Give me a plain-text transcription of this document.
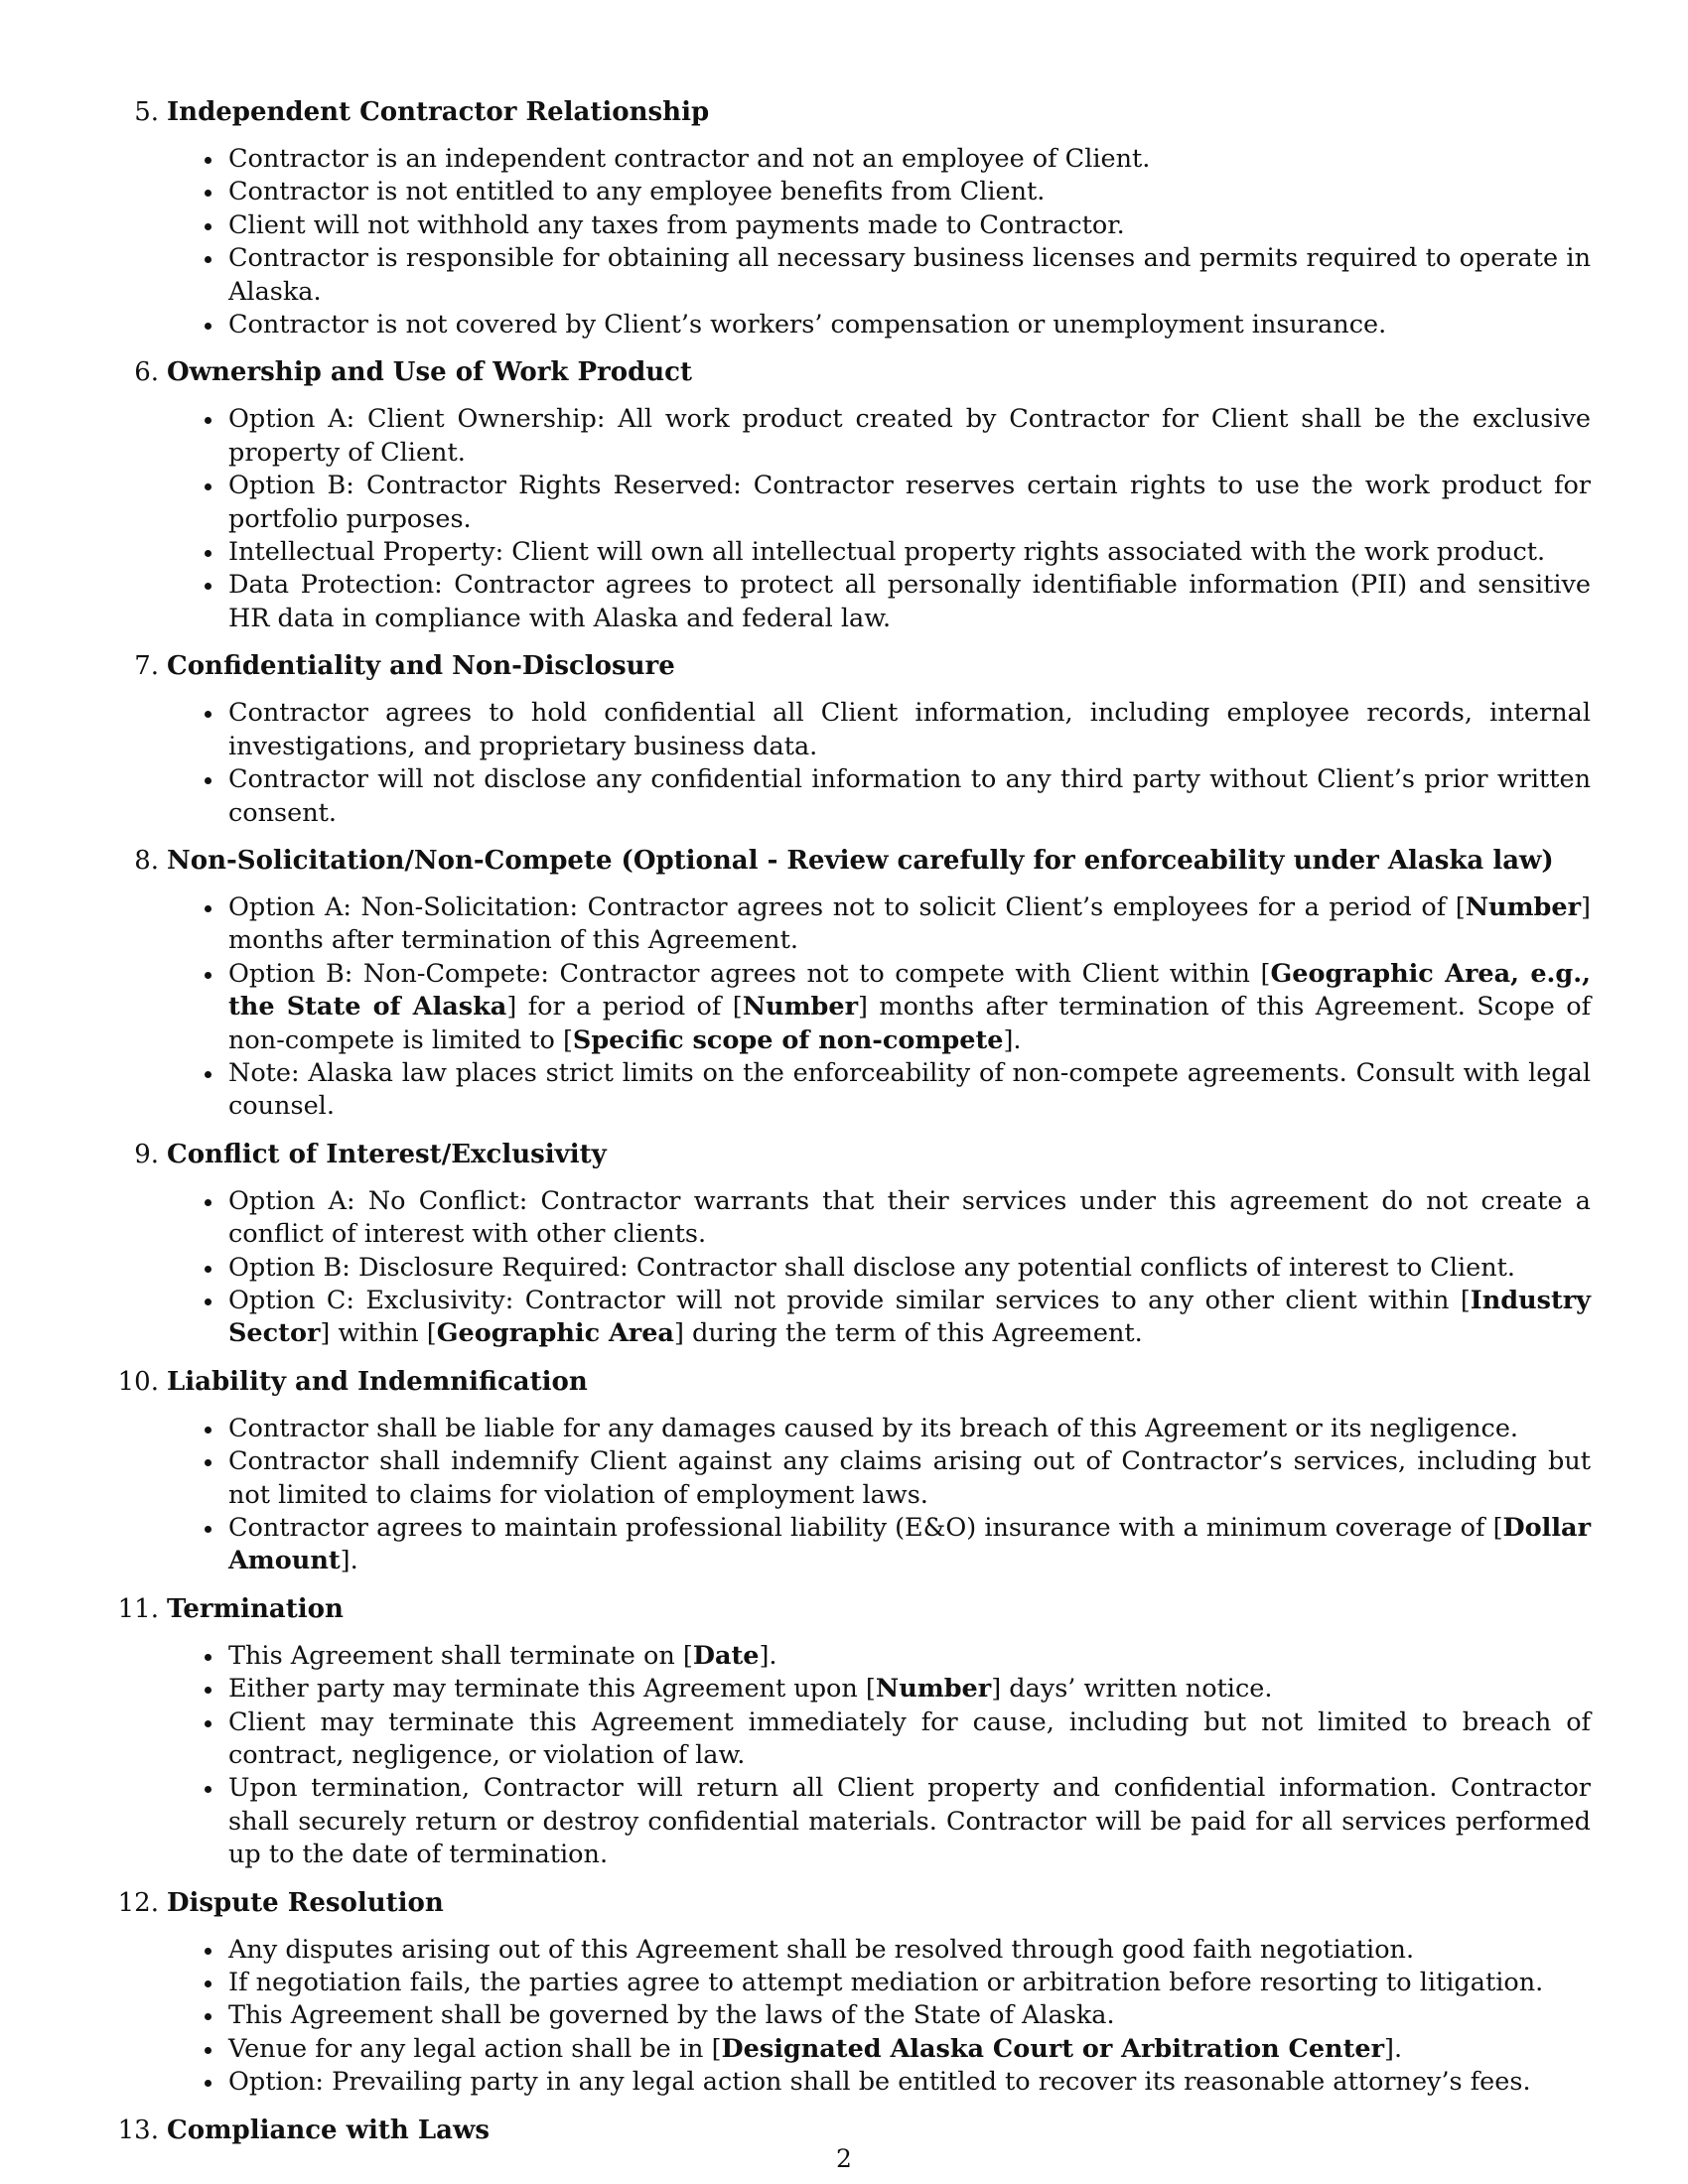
5. Independent Contractor Relationship
Contractor is an independent contractor and not an employee of Client.
Contractor is not entitled to any employee benefits from Client.
Client will not withhold any taxes from payments made to Contractor.
Contractor is responsible for obtaining all necessary business licenses and permits required to operate in Alaska.
Contractor is not covered by Client’s workers’ compensation or unemployment insurance.
6. Ownership and Use of Work Product
Option A: Client Ownership: All work product created by Contractor for Client shall be the exclusive property of Client.
Option B: Contractor Rights Reserved: Contractor reserves certain rights to use the work product for portfolio purposes.
Intellectual Property: Client will own all intellectual property rights associated with the work product.
Data Protection: Contractor agrees to protect all personally identifiable information (PII) and sensitive HR data in compliance with Alaska and federal law.
7. Confidentiality and Non-Disclosure
Contractor agrees to hold confidential all Client information, including employee records, internal investigations, and proprietary business data.
Contractor will not disclose any confidential information to any third party without Client’s prior written consent.
8. Non-Solicitation/Non-Compete (Optional - Review carefully for enforceability under Alaska law)
Option A: Non-Solicitation: Contractor agrees not to solicit Client’s employees for a period of [Number] months after termination of this Agreement.
Option B: Non-Compete: Contractor agrees not to compete with Client within [Geographic Area, e.g., the State of Alaska] for a period of [Number] months after termination of this Agreement. Scope of non-compete is limited to [Specific scope of non-compete].
Note: Alaska law places strict limits on the enforceability of non-compete agreements. Consult with legal counsel.
9. Conflict of Interest/Exclusivity
Option A: No Conflict: Contractor warrants that their services under this agreement do not create a conflict of interest with other clients.
Option B: Disclosure Required: Contractor shall disclose any potential conflicts of interest to Client.
Option C: Exclusivity: Contractor will not provide similar services to any other client within [Industry Sector] within [Geographic Area] during the term of this Agreement.
10. Liability and Indemnification
Contractor shall be liable for any damages caused by its breach of this Agreement or its negligence.
Contractor shall indemnify Client against any claims arising out of Contractor’s services, including but not limited to claims for violation of employment laws.
Contractor agrees to maintain professional liability (E&O) insurance with a minimum coverage of [Dollar Amount].
11. Termination
This Agreement shall terminate on [Date].
Either party may terminate this Agreement upon [Number] days’ written notice.
Client may terminate this Agreement immediately for cause, including but not limited to breach of contract, negligence, or violation of law.
Upon termination, Contractor will return all Client property and confidential information. Contractor shall securely return or destroy confidential materials. Contractor will be paid for all services performed up to the date of termination.
12. Dispute Resolution
Any disputes arising out of this Agreement shall be resolved through good faith negotiation.
If negotiation fails, the parties agree to attempt mediation or arbitration before resorting to litigation.
This Agreement shall be governed by the laws of the State of Alaska.
Venue for any legal action shall be in [Designated Alaska Court or Arbitration Center].
Option: Prevailing party in any legal action shall be entitled to recover its reasonable attorney’s fees.
13. Compliance with Laws
2
